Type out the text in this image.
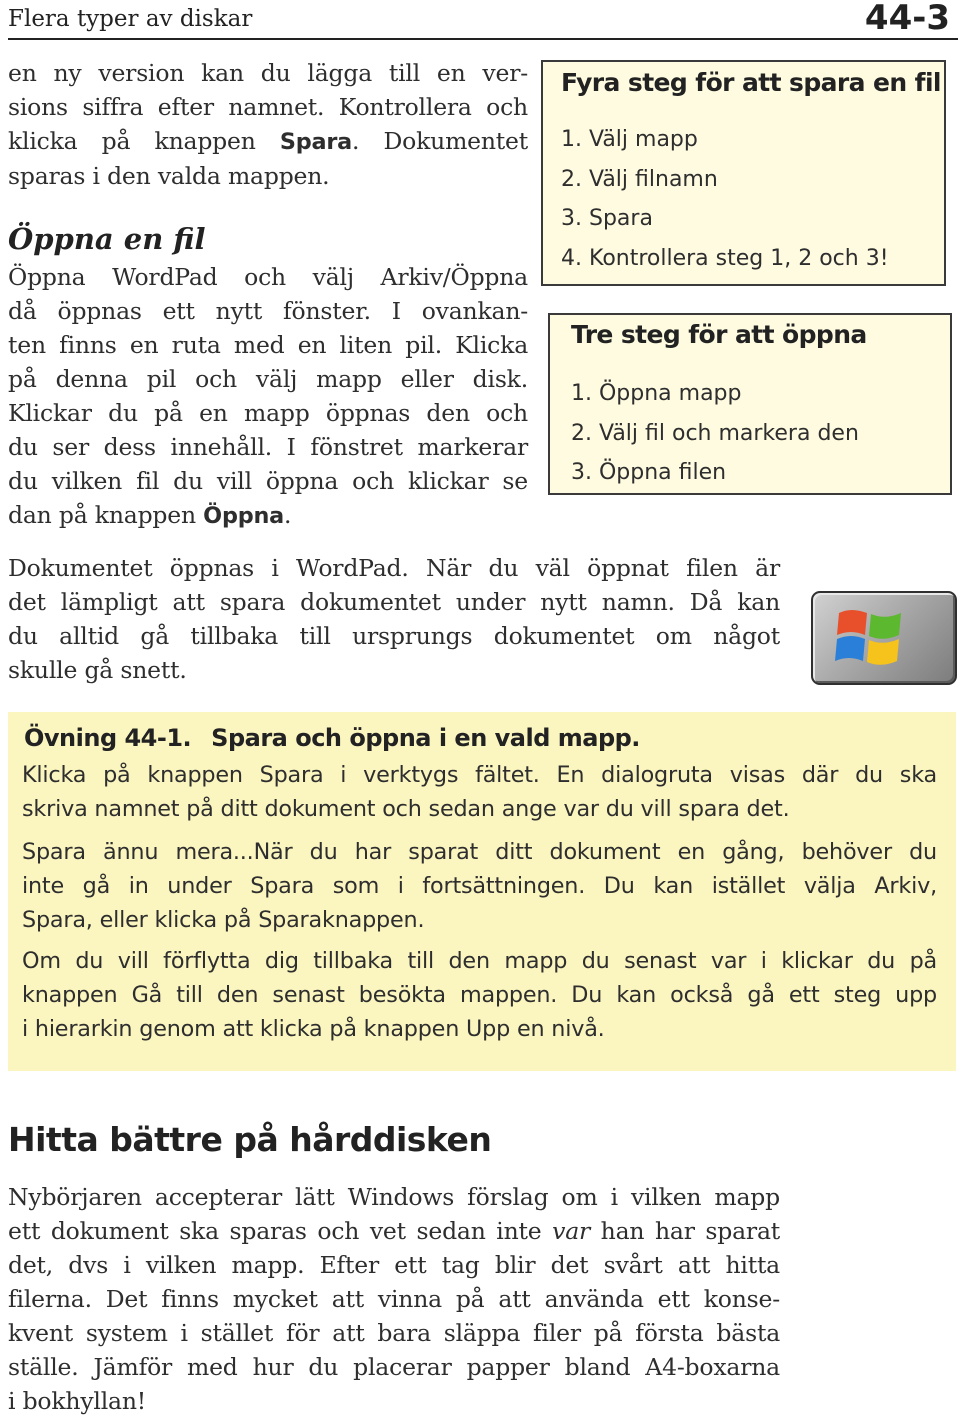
Flera typer av diskar	44-3
en ny version kan du lägga till en ver-
sions siffra efter namnet. Kontrollera och
klicka på knappen Spara. Dokumentet
sparas i den valda mappen.
Öppna en fil
Öppna WordPad och välj Arkiv/Öppna
då öppnas ett nytt fönster. I ovankan-
ten finns en ruta med en liten pil. Klicka
på denna pil och välj mapp eller disk.
Klickar du på en mapp öppnas den och
du ser dess innehåll. I fönstret markerar
du vilken fil du vill öppna och klickar se
dan på knappen Öppna.
Fyra steg för att spara en fil
1. Välj mapp
2. Välj filnamn
3. Spara
4. Kontrollera steg 1, 2 och 3!
Tre steg för att öppna
1. Öppna mapp
2. Välj fil och markera den
3. Öppna filen
Dokumentet öppnas i WordPad. När du väl öppnat filen är
det lämpligt att spara dokumentet under nytt namn. Då kan
du alltid gå tillbaka till ursprungs dokumentet om något
skulle gå snett.
Övning 44-1. Spara och öppna i en vald mapp.
Klicka på knappen Spara i verktygs fältet. En dialogruta visas där du ska
skriva namnet på ditt dokument och sedan ange var du vill spara det.
Spara ännu mera...När du har sparat ditt dokument en gång, behöver du
inte gå in under Spara som i fortsättningen. Du kan istället välja Arkiv,
Spara, eller klicka på Sparaknappen.
Om du vill förflytta dig tillbaka till den mapp du senast var i klickar du på
knappen Gå till den senast besökta mappen. Du kan också gå ett steg upp
i hierarkin genom att klicka på knappen Upp en nivå.
Hitta bättre på hårddisken
Nybörjaren accepterar lätt Windows förslag om i vilken mapp
ett dokument ska sparas och vet sedan inte var han har sparat
det, dvs i vilken mapp. Efter ett tag blir det svårt att hitta
filerna. Det finns mycket att vinna på att använda ett konse-
kvent system i stället för att bara släppa filer på första bästa
ställe. Jämför med hur du placerar papper bland A4-boxarna
i bokhyllan!
